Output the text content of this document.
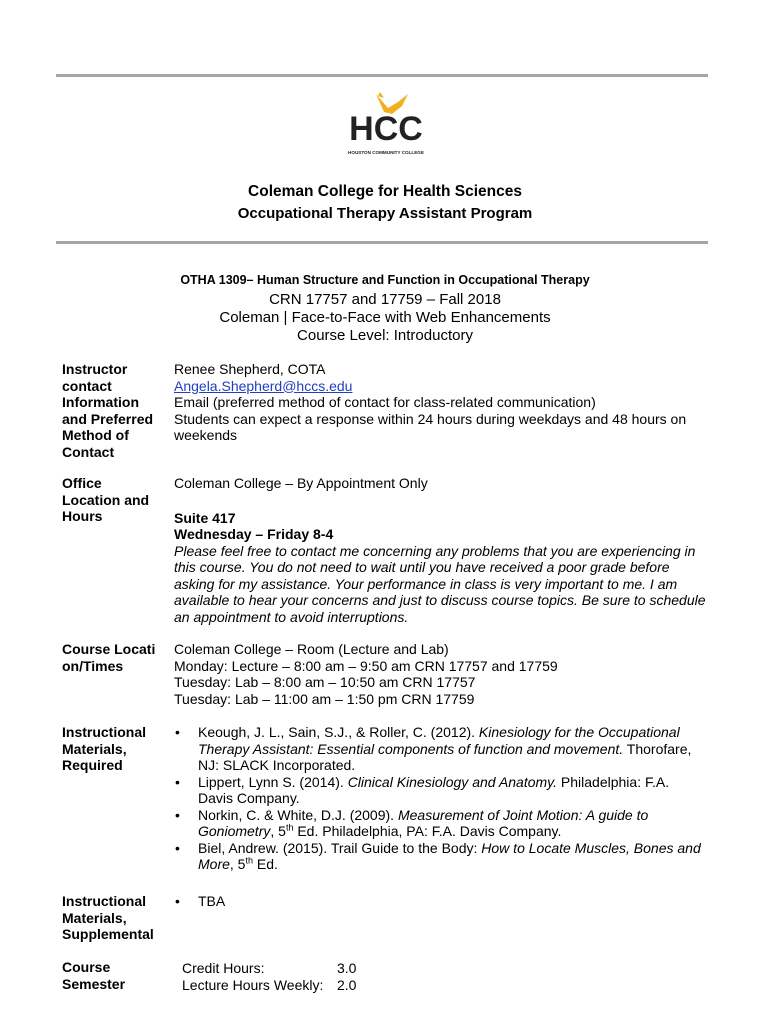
HCC
HOUSTON COMMUNITY COLLEGE
Coleman College for Health Sciences
Occupational Therapy Assistant Program
OTHA 1309– Human Structure and Function in Occupational Therapy
CRN 17757 and 17759 – Fall 2018
Coleman | Face-to-Face with Web Enhancements
Course Level: Introductory
Instructor contact Information and Preferred Method of Contact
Renee Shepherd, COTA
Angela.Shepherd@hccs.edu
Email (preferred method of contact for class-related communication)
Students can expect a response within 24 hours during weekdays and 48 hours on weekends
Office Location and Hours
Coleman College – By Appointment Only
Suite 417
Wednesday – Friday 8-4
Please feel free to contact me concerning any problems that you are experiencing in this course. You do not need to wait until you have received a poor grade before asking for my assistance. Your performance in class is very important to me. I am available to hear your concerns and just to discuss course topics. Be sure to schedule an appointment to avoid interruptions.
Course Location/Times
Coleman College – Room (Lecture and Lab)
Monday: Lecture – 8:00 am – 9:50 am CRN 17757 and 17759
Tuesday: Lab – 8:00 am – 10:50 am CRN 17757
Tuesday: Lab – 11:00 am – 1:50 pm CRN 17759
Instructional Materials, Required
• Keough, J. L., Sain, S.J., & Roller, C. (2012). Kinesiology for the Occupational Therapy Assistant: Essential components of function and movement. Thorofare, NJ: SLACK Incorporated.
• Lippert, Lynn S. (2014). Clinical Kinesiology and Anatomy. Philadelphia: F.A. Davis Company.
• Norkin, C. & White, D.J. (2009). Measurement of Joint Motion: A guide to Goniometry, 5th Ed. Philadelphia, PA: F.A. Davis Company.
• Biel, Andrew. (2015). Trail Guide to the Body: How to Locate Muscles, Bones and More, 5th Ed.
Instructional Materials, Supplemental
• TBA
Course Semester
Credit Hours:	3.0
Lecture Hours Weekly: 2.0
